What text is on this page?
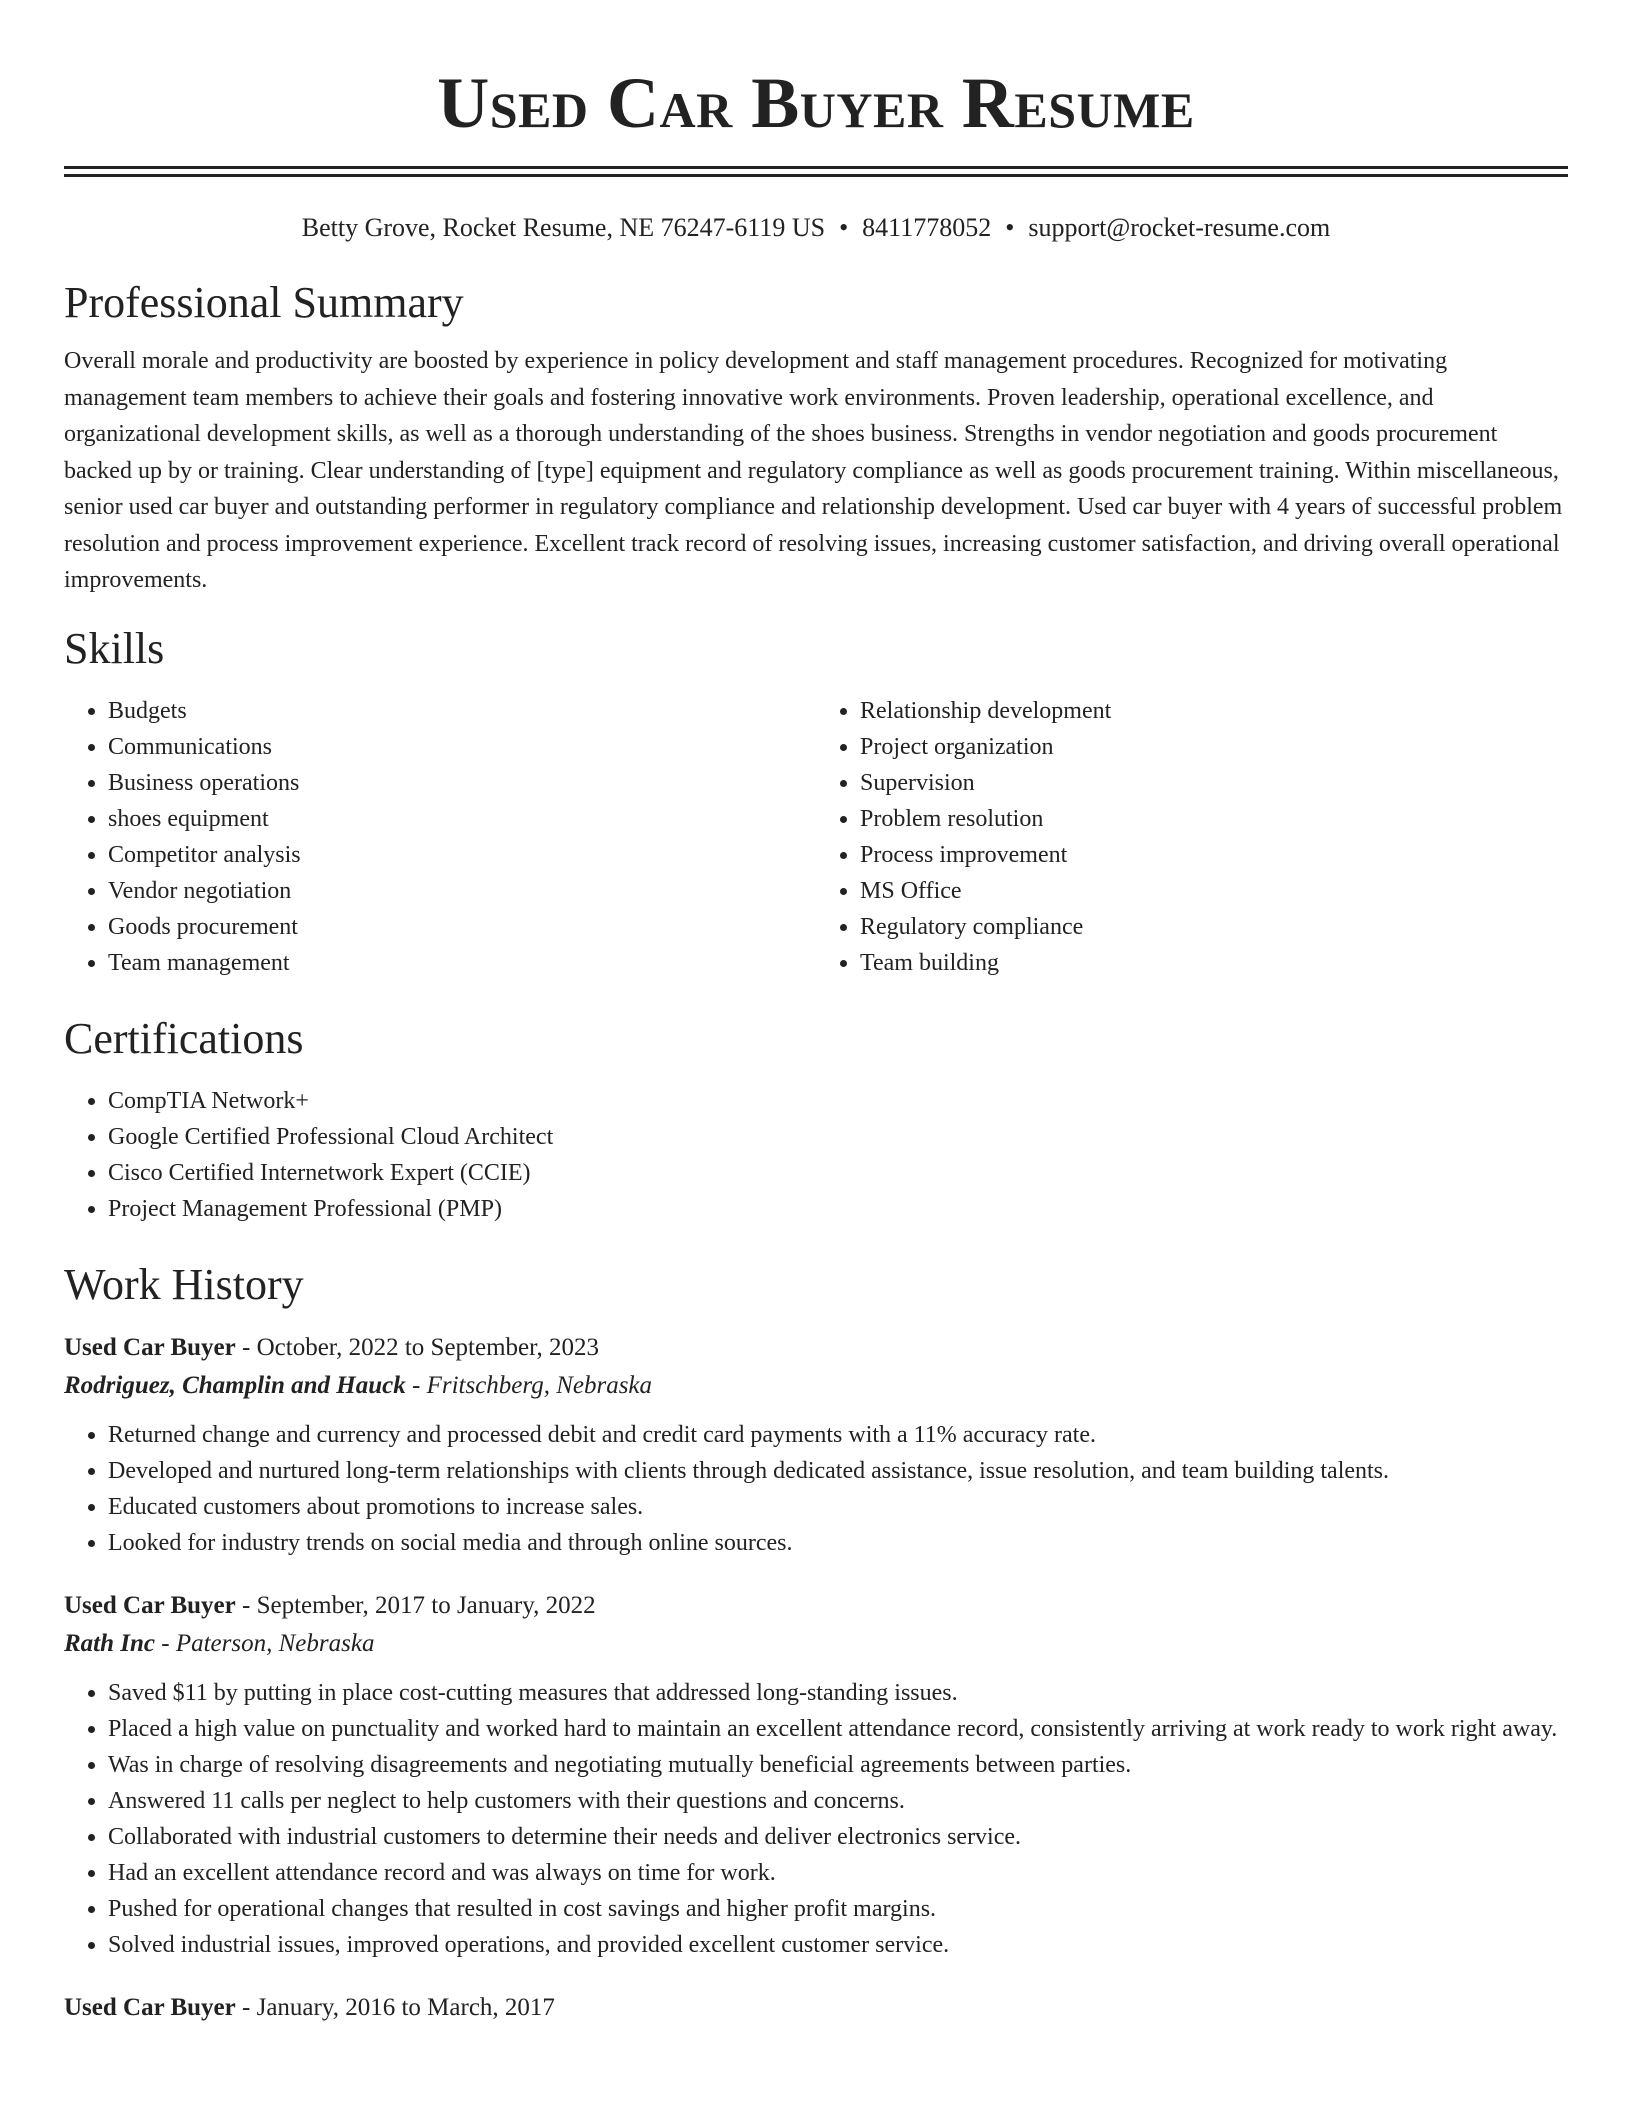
Used Car Buyer Resume
Betty Grove, Rocket Resume, NE 76247-6119 US • 8411778052 • support@rocket-resume.com
Professional Summary

Overall morale and productivity are boosted by experience in policy development and staff management procedures. Recognized for motivating management team members to achieve their goals and fostering innovative work environments. Proven leadership, operational excellence, and organizational development skills, as well as a thorough understanding of the shoes business. Strengths in vendor negotiation and goods procurement backed up by or training. Clear understanding of [type] equipment and regulatory compliance as well as goods procurement training. Within miscellaneous, senior used car buyer and outstanding performer in regulatory compliance and relationship development. Used car buyer with 4 years of successful problem resolution and process improvement experience. Excellent track record of resolving issues, increasing customer satisfaction, and driving overall operational improvements.

Skills
• Budgets
• Communications
• Business operations
• shoes equipment
• Competitor analysis
• Vendor negotiation
• Goods procurement
• Team management
• Relationship development
• Project organization
• Supervision
• Problem resolution
• Process improvement
• MS Office
• Regulatory compliance
• Team building
Certifications
• CompTIA Network+
• Google Certified Professional Cloud Architect
• Cisco Certified Internetwork Expert (CCIE)
• Project Management Professional (PMP)
Work History
Used Car Buyer - October, 2022 to September, 2023
Rodriguez, Champlin and Hauck - Fritschberg, Nebraska
• Returned change and currency and processed debit and credit card payments with a 11% accuracy rate.
• Developed and nurtured long-term relationships with clients through dedicated assistance, issue resolution, and team building talents.
• Educated customers about promotions to increase sales.
• Looked for industry trends on social media and through online sources.
Used Car Buyer - September, 2017 to January, 2022
Rath Inc - Paterson, Nebraska
• Saved $11 by putting in place cost-cutting measures that addressed long-standing issues.
• Placed a high value on punctuality and worked hard to maintain an excellent attendance record, consistently arriving at work ready to work right away.
• Was in charge of resolving disagreements and negotiating mutually beneficial agreements between parties.
• Answered 11 calls per neglect to help customers with their questions and concerns.
• Collaborated with industrial customers to determine their needs and deliver electronics service.
• Had an excellent attendance record and was always on time for work.
• Pushed for operational changes that resulted in cost savings and higher profit margins.
• Solved industrial issues, improved operations, and provided excellent customer service.
Used Car Buyer - January, 2016 to March, 2017
